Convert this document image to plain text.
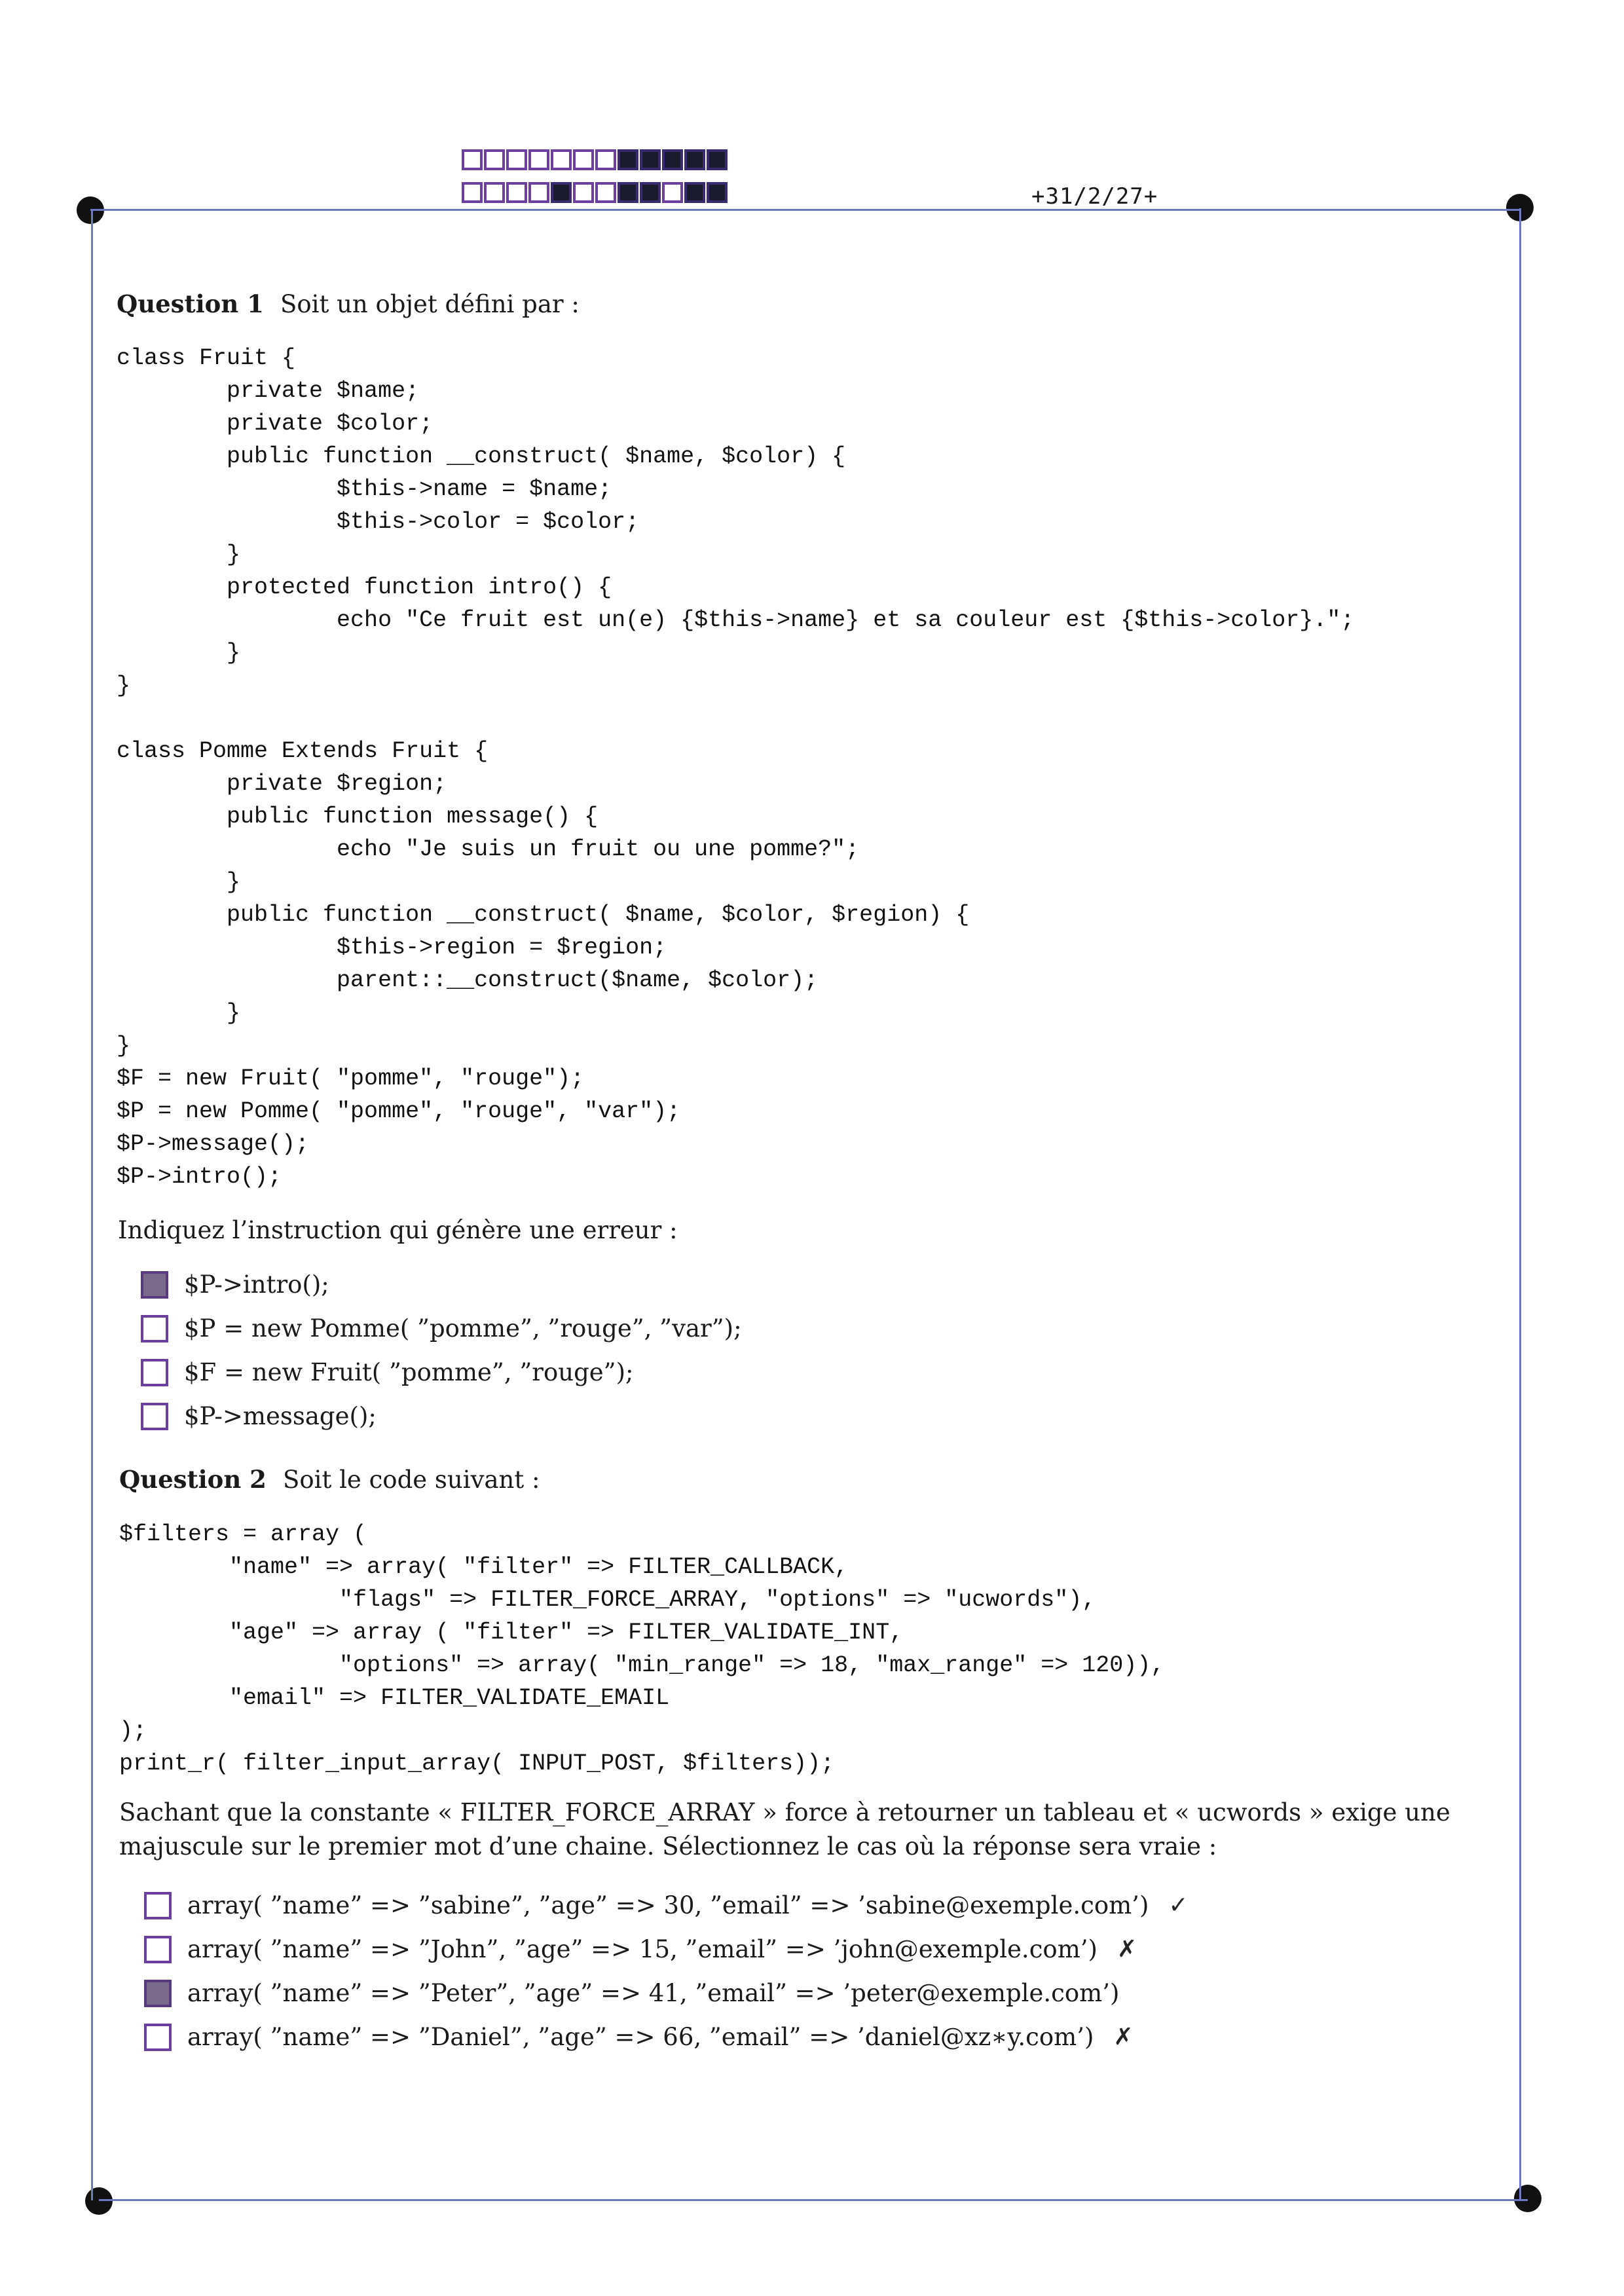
+31/2/27+
Question 1 Soit un objet défini par :
class Fruit {
private $name;
private $color;
public function __construct( $name, $color) {
$this->name = $name;
$this->color = $color;
}
protected function intro() {
echo "Ce fruit est un(e) {$this->name} et sa couleur est {$this->color}.";
}
}

class Pomme Extends Fruit {
private $region;
public function message() {
echo "Je suis un fruit ou une pomme?";
}
public function __construct( $name, $color, $region) {
$this->region = $region;
parent::__construct($name, $color);
}
}
$F = new Fruit( "pomme", "rouge");
$P = new Pomme( "pomme", "rouge", "var");
$P->message();
$P->intro();
Indiquez l’instruction qui génère une erreur :
$P->intro();
$P = new Pomme( ”pomme”, ”rouge”, ”var”);
$F = new Fruit( ”pomme”, ”rouge”);
$P->message();
Question 2 Soit le code suivant :
$filters = array (
"name" => array( "filter" => FILTER_CALLBACK,
"flags" => FILTER_FORCE_ARRAY, "options" => "ucwords"),
"age" => array ( "filter" => FILTER_VALIDATE_INT,
"options" => array( "min_range" => 18, "max_range" => 120)),
"email" => FILTER_VALIDATE_EMAIL
);
print_r( filter_input_array( INPUT_POST, $filters));
Sachant que la constante « FILTER_FORCE_ARRAY » force à retourner un tableau et « ucwords » exige une majuscule sur le premier mot d’une chaine. Sélectionnez le cas où la réponse sera vraie :
array( ”name” => ”sabine”, ”age” => 30, ”email” => ’sabine@exemple.com’) ✓
array( ”name” => ”John”, ”age” => 15, ”email” => ’john@exemple.com’) ✗
array( ”name” => ”Peter”, ”age” => 41, ”email” => ’peter@exemple.com’)
array( ”name” => ”Daniel”, ”age” => 66, ”email” => ’daniel@xz∗y.com’) ✗
